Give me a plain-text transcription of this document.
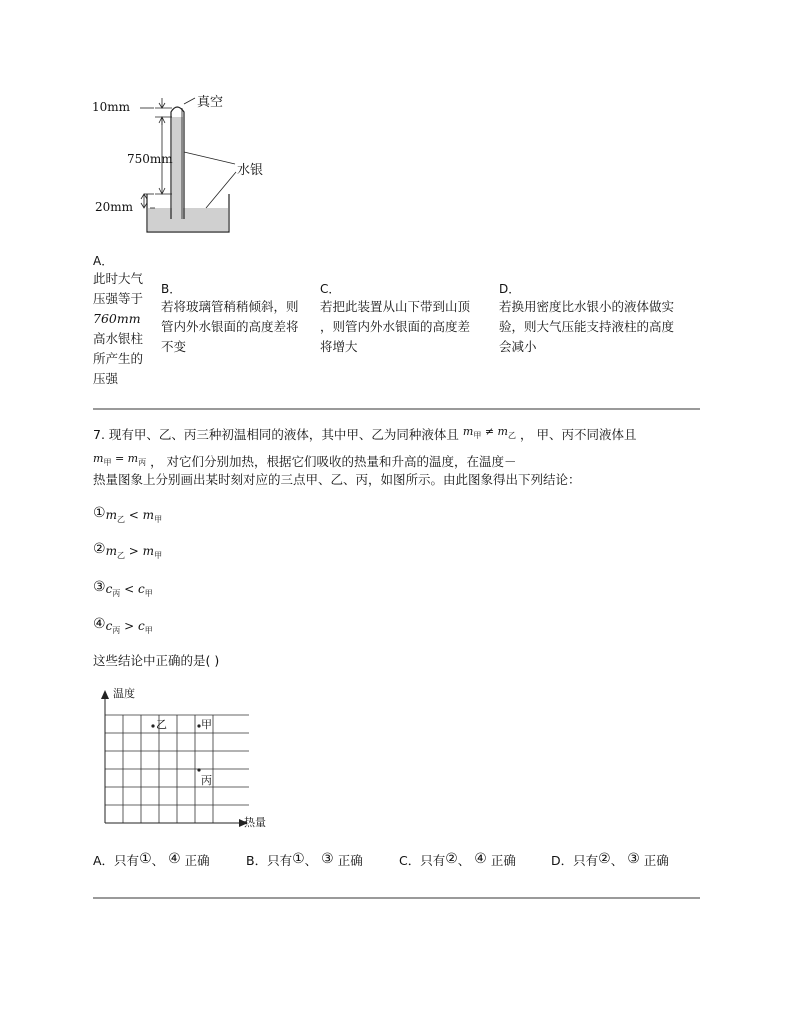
10mm
750mm
20mm
真空
水银
A．
此时大气
压强等于
760mm
高水银柱
所产生的
压强
B．
若将玻璃管稍稍倾斜，则
管内外水银面的高度差将
不变
C．
若把此装置从山下带到山顶
，则管内外水银面的高度差
将增大
D．
若换用密度比水银小的液体做实
验，则大气压能支持液柱的高度
会减小
7. 现有甲、乙、丙三种初温相同的液体，其中甲、乙为同种液体且 $m_甲 \ne m_乙$ ， 甲、丙不同液体且
$m_甲 = m_丙$ ， 对它们分别加热，根据它们吸收的热量和升高的温度，在温度－
热量图象上分别画出某时刻对应的三点甲、乙、丙，如图所示。由此图象得出下列结论：
$①m_乙 < m_甲$
$②m_乙 > m_甲$
$③c_丙 < c_甲$
$④c_丙 > c_甲$
这些结论中正确的是( )
温度
热量
乙	甲
丙
A．只有①、 ④ 正确	B．只有①、 ③ 正确	C．只有②、 ④ 正确	D．只有②、 ③ 正确
